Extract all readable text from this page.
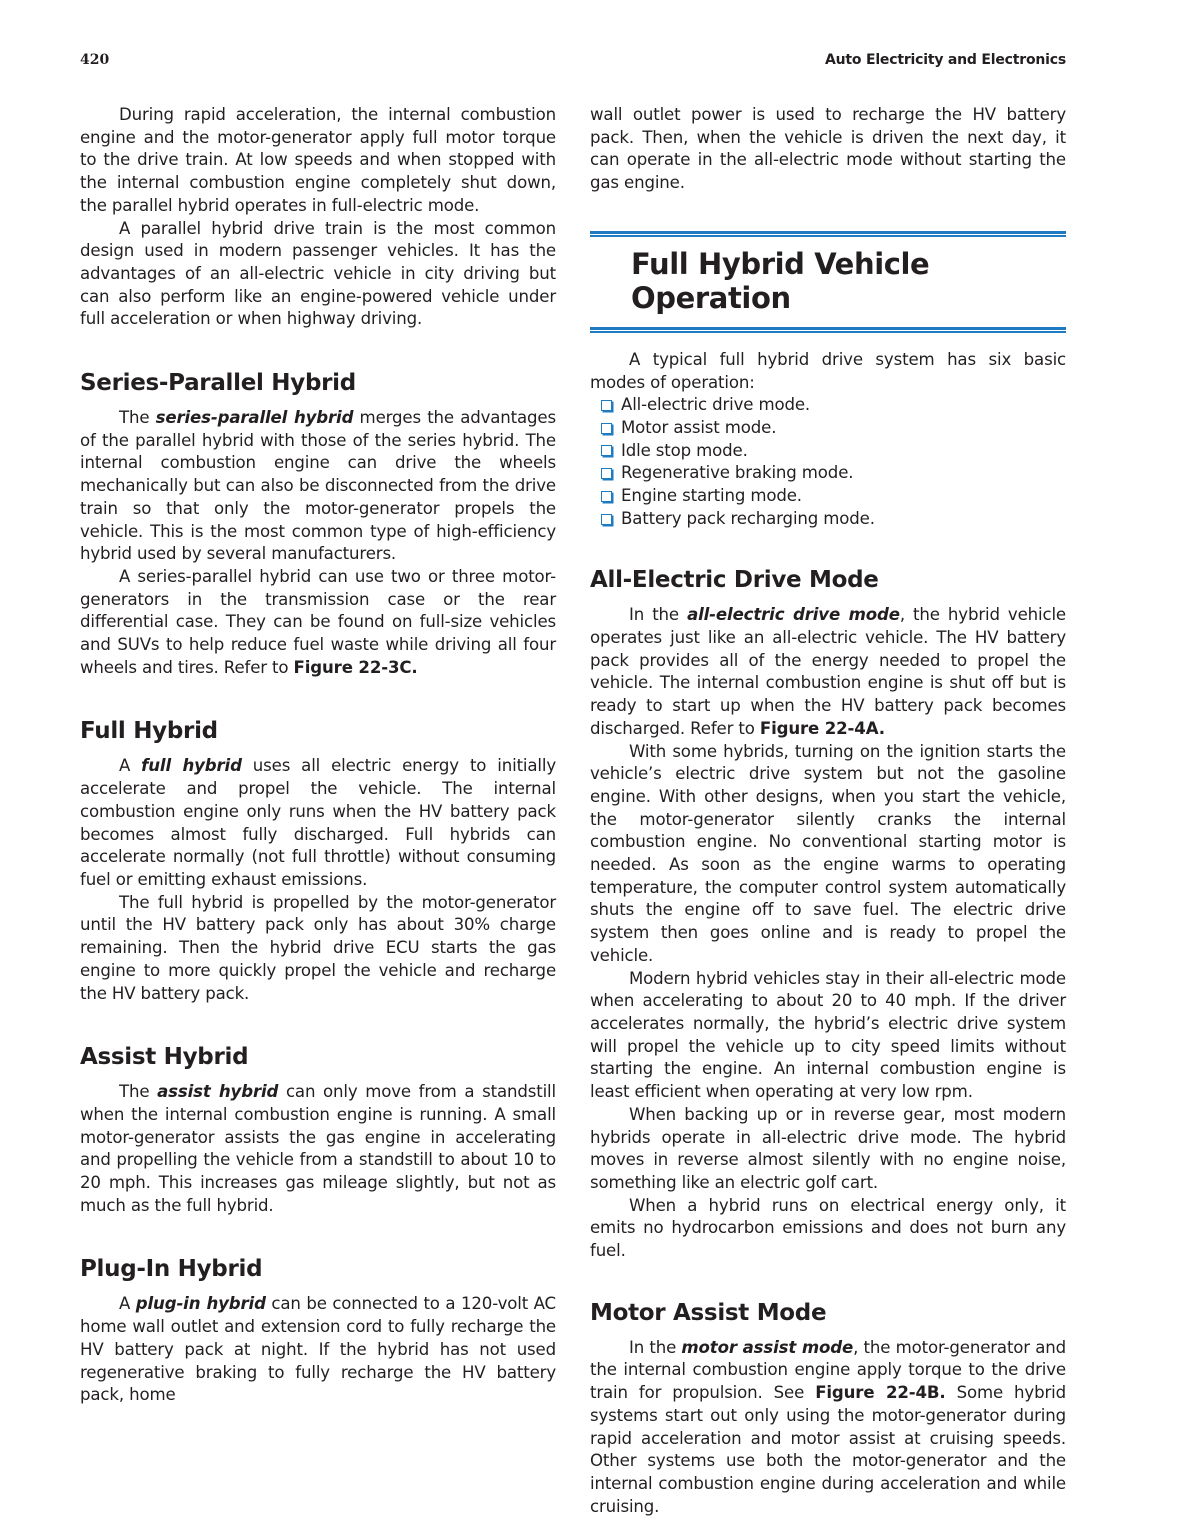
420	Auto Electricity and Electronics

During rapid acceleration, the internal combustion engine and the motor-generator apply full motor torque to the drive train. At low speeds and when stopped with the internal combustion engine completely shut down, the parallel hybrid operates in full-electric mode.

A parallel hybrid drive train is the most common design used in modern passenger vehicles. It has the advantages of an all-electric vehicle in city driving but can also perform like an engine-powered vehicle under full acceleration or when highway driving.

Series-Parallel Hybrid

The series-parallel hybrid merges the advantages of the parallel hybrid with those of the series hybrid. The internal combustion engine can drive the wheels mechanically but can also be disconnected from the drive train so that only the motor-generator propels the vehicle. This is the most common type of high-efficiency hybrid used by several manufacturers.

A series-parallel hybrid can use two or three motor-generators in the transmission case or the rear differential case. They can be found on full-size vehicles and SUVs to help reduce fuel waste while driving all four wheels and tires. Refer to Figure 22-3C.

Full Hybrid

A full hybrid uses all electric energy to initially accelerate and propel the vehicle. The internal combustion engine only runs when the HV battery pack becomes almost fully discharged. Full hybrids can accelerate normally (not full throttle) without consuming fuel or emitting exhaust emissions.

The full hybrid is propelled by the motor-generator until the HV battery pack only has about 30% charge remaining. Then the hybrid drive ECU starts the gas engine to more quickly propel the vehicle and recharge the HV battery pack.

Assist Hybrid

The assist hybrid can only move from a standstill when the internal combustion engine is running. A small motor-generator assists the gas engine in accelerating and propelling the vehicle from a standstill to about 10 to 20 mph. This increases gas mileage slightly, but not as much as the full hybrid.

Plug-In Hybrid

A plug-in hybrid can be connected to a 120-volt AC home wall outlet and extension cord to fully recharge the HV battery pack at night. If the hybrid has not used regenerative braking to fully recharge the HV battery pack, home

wall outlet power is used to recharge the HV battery pack. Then, when the vehicle is driven the next day, it can operate in the all-electric mode without starting the gas engine.

Full Hybrid Vehicle Operation

A typical full hybrid drive system has six basic modes of operation:

All-electric drive mode.
Motor assist mode.
Idle stop mode.
Regenerative braking mode.
Engine starting mode.
Battery pack recharging mode.
All-Electric Drive Mode

In the all-electric drive mode, the hybrid vehicle operates just like an all-electric vehicle. The HV battery pack provides all of the energy needed to propel the vehicle. The internal combustion engine is shut off but is ready to start up when the HV battery pack becomes discharged. Refer to Figure 22-4A.

With some hybrids, turning on the ignition starts the vehicle’s electric drive system but not the gasoline engine. With other designs, when you start the vehicle, the motor-generator silently cranks the internal combustion engine. No conventional starting motor is needed. As soon as the engine warms to operating temperature, the computer control system automatically shuts the engine off to save fuel. The electric drive system then goes online and is ready to propel the vehicle.

Modern hybrid vehicles stay in their all-electric mode when accelerating to about 20 to 40 mph. If the driver accelerates normally, the hybrid’s electric drive system will propel the vehicle up to city speed limits without starting the engine. An internal combustion engine is least efficient when operating at very low rpm.

When backing up or in reverse gear, most modern hybrids operate in all-electric drive mode. The hybrid moves in reverse almost silently with no engine noise, something like an electric golf cart.

When a hybrid runs on electrical energy only, it emits no hydrocarbon emissions and does not burn any fuel.

Motor Assist Mode

In the motor assist mode, the motor-generator and the internal combustion engine apply torque to the drive train for propulsion. See Figure 22-4B. Some hybrid systems start out only using the motor-generator during rapid acceleration and motor assist at cruising speeds. Other systems use both the motor-generator and the internal combustion engine during acceleration and while cruising.
